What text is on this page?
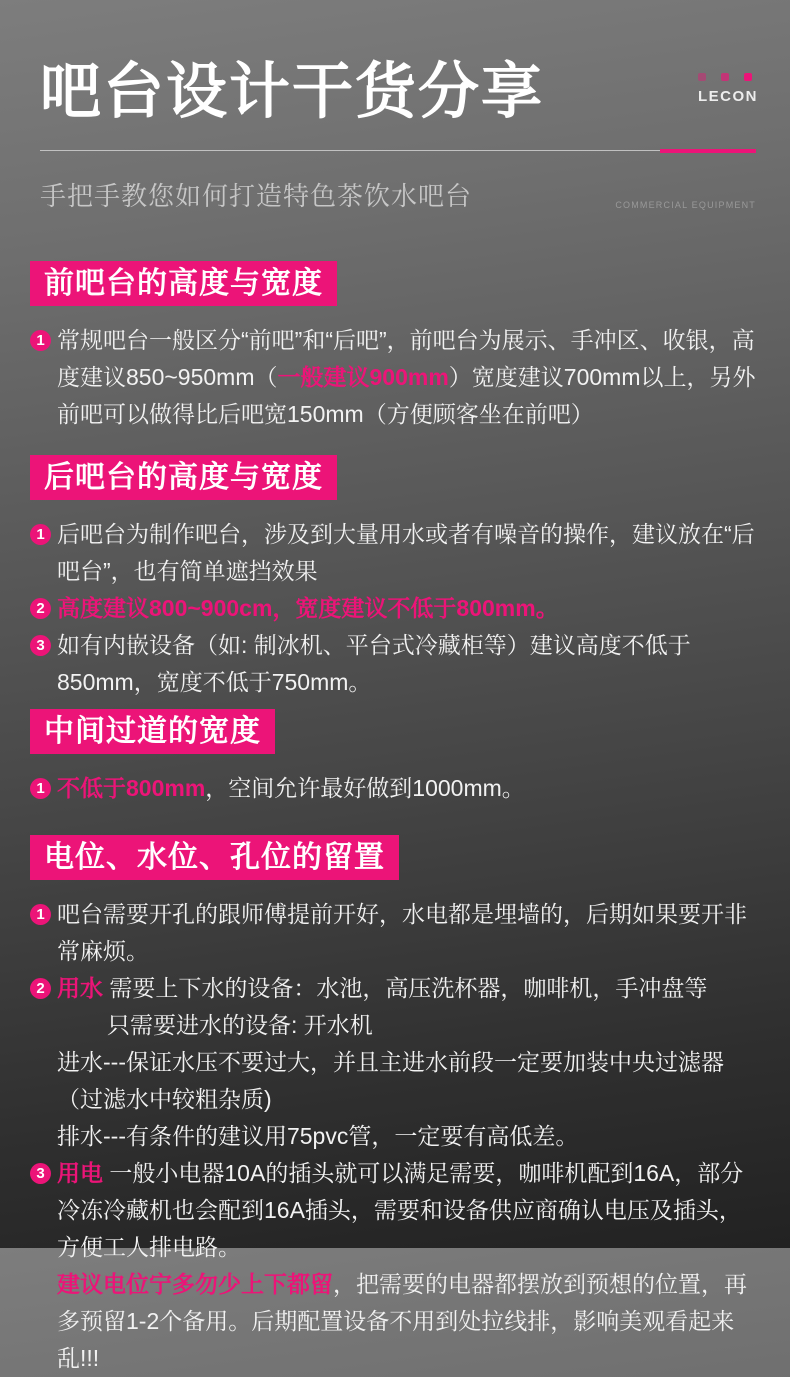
吧台设计干货分享	LECON
手把手教您如何打造特色茶饮水吧台	COMMERCIAL EQUIPMENT
前吧台的高度与宽度
1 常规吧台一般区分“前吧”和“后吧”，前吧台为展示、手冲区、收银，高度建议850~950mm（一般建议900mm）宽度建议700mm以上，另外前吧可以做得比后吧宽150mm（方便顾客坐在前吧）
后吧台的高度与宽度
1 后吧台为制作吧台，涉及到大量用水或者有噪音的操作，建议放在“后吧台”，也有简单遮挡效果
2 高度建议800~900cm，宽度建议不低于800mm。
3 如有内嵌设备（如: 制冰机、平台式冷藏柜等）建议高度不低于850mm，宽度不低于750mm。
中间过道的宽度
1 不低于800mm，空间允许最好做到1000mm。
电位、水位、孔位的留置
1 吧台需要开孔的跟师傅提前开好，水电都是埋墙的，后期如果要开非常麻烦。
2 用水 需要上下水的设备：水池，高压洗杯器，咖啡机，手冲盘等
只需要进水的设备: 开水机
进水---保证水压不要过大，并且主进水前段一定要加装中央过滤器（过滤水中较粗杂质)
排水---有条件的建议用75pvc管，一定要有高低差。
3 用电 一般小电器10A的插头就可以满足需要，咖啡机配到16A，部分冷冻冷藏机也会配到16A插头，需要和设备供应商确认电压及插头，方便工人排电路。
建议电位宁多勿少上下都留，把需要的电器都摆放到预想的位置，再多预留1-2个备用。后期配置设备不用到处拉线排，影响美观看起来乱!!!
